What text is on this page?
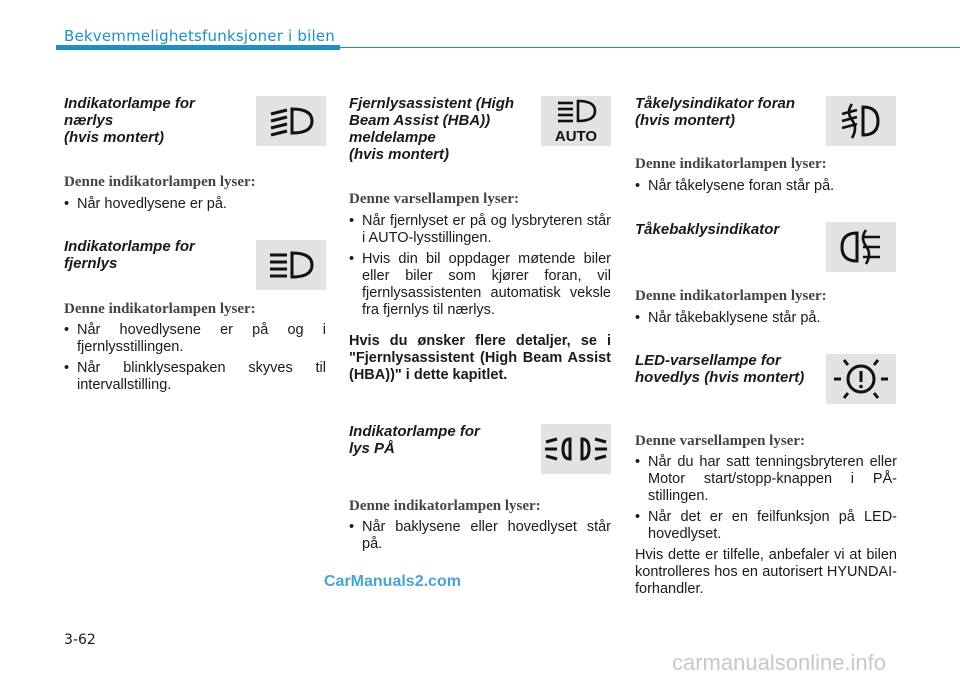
Bekvemmelighetsfunksjoner i bilen

Indikatorlampe for

nærlys

(hvis montert)

Denne indikatorlampen lyser:

• Når hovedlysene er på.

Indikatorlampe for

fjernlys

Denne indikatorlampen lyser:

• Når hovedlysene er på og i fjernlysstillingen.

• Når blinklysespaken skyves til intervallstilling.

Fjernlysassistent (High

Beam Assist (HBA))

meldelampe

(hvis montert)

AUTO

Denne varsellampen lyser:

• Når fjernlyset er på og lysbryteren står i AUTO-lysstillingen.

• Hvis din bil oppdager møtende biler eller biler som kjører foran, vil fjernlysassistenten automatisk veksle fra fjernlys til nærlys.

Hvis du ønsker flere detaljer, se i "Fjernlysassistent (High Beam Assist (HBA))" i dette kapitlet.

Indikatorlampe for

lys PÅ

Denne indikatorlampen lyser:

• Når baklysene eller hovedlyset står på.

Tåkelysindikator foran

(hvis montert)

Denne indikatorlampen lyser:

• Når tåkelysene foran står på.

Tåkebaklysindikator

Denne indikatorlampen lyser:

• Når tåkebaklysene står på.

LED-varsellampe for

hovedlys (hvis montert)

Denne varsellampen lyser:

• Når du har satt tenningsbryteren eller Motor start/stopp-knappen i PÅ-stillingen.

• Når det er en feilfunksjon på LED-hovedlyset.

Hvis dette er tilfelle, anbefaler vi at bilen kontrolleres hos en autorisert HYUNDAI-forhandler.

CarManuals2.com
3-62
carmanualsonline.info
